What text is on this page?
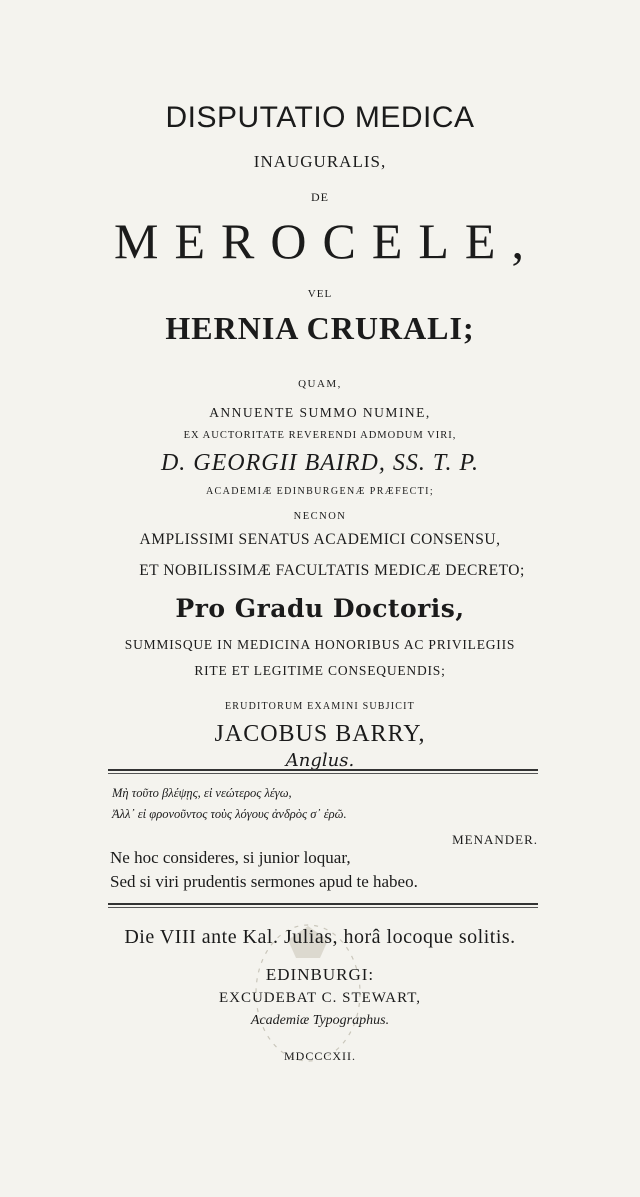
DISPUTATIO MEDICA
INAUGURALIS,
DE
MEROCELE,
VEL
HERNIA CRURALI;
QUAM,
ANNUENTE SUMMO NUMINE,
EX AUCTORITATE REVERENDI ADMODUM VIRI,
D. GEORGII BAIRD, SS. T. P.
ACADEMIÆ EDINBURGENÆ PRÆFECTI;
NECNON
AMPLISSIMI SENATUS ACADEMICI CONSENSU,
ET NOBILISSIMÆ FACULTATIS MEDICÆ DECRETO;
Pro Gradu Doctoris,
SUMMISQUE IN MEDICINA HONORIBUS AC PRIVILEGIIS
RITE ET LEGITIME CONSEQUENDIS;
ERUDITORUM EXAMINI SUBJICIT
JACOBUS BARRY,
Anglus.
Μὴ τοῦτο βλέψῃς, εἰ νεώτερος λέγω,
Ἀλλ᾽ εἰ φρονοῦντος τοὺς λόγους ἀνδρὸς σ᾽ ἐρῶ.
MENANDER.
Ne hoc consideres, si junior loquar,
Sed si viri prudentis sermones apud te habeo.
Die VIII ante Kal. Julias, horâ locoque solitis.
EDINBURGI:
EXCUDEBAT C. STEWART,
Academiæ Typographus.
MDCCCXII.
